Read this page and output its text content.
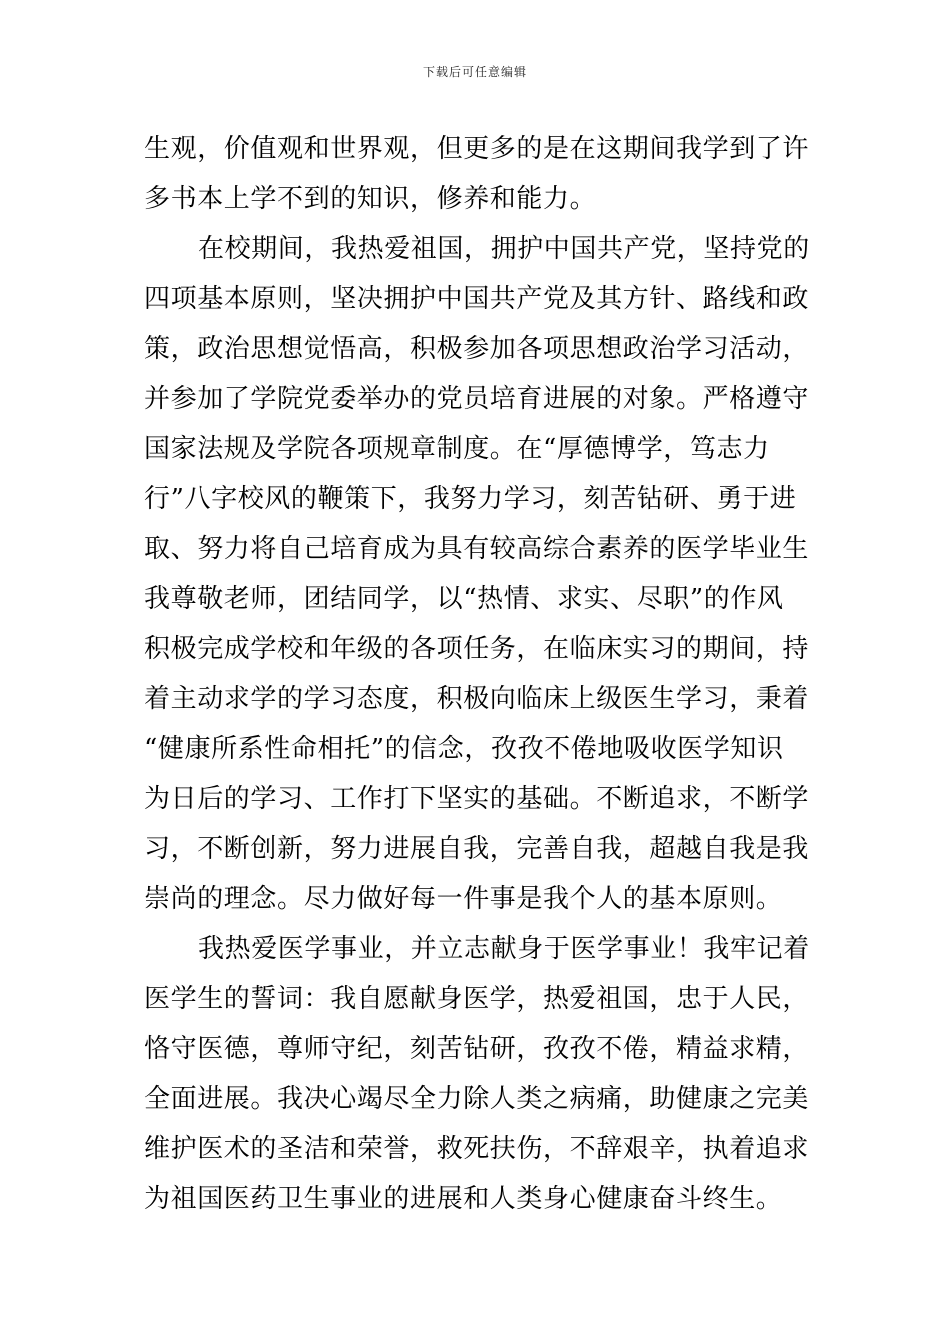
下载后可任意编辑
生观，价值观和世界观，但更多的是在这期间我学到了许
多书本上学不到的知识，修养和能力。
在校期间，我热爱祖国，拥护中国共产党，坚持党的
四项基本原则，坚决拥护中国共产党及其方针、路线和政
策，政治思想觉悟高，积极参加各项思想政治学习活动，
并参加了学院党委举办的党员培育进展的对象。严格遵守
国家法规及学院各项规章制度。在“厚德博学，笃志力
行”八字校风的鞭策下，我努力学习，刻苦钻研、勇于进
取、努力将自己培育成为具有较高综合素养的医学毕业生
我尊敬老师，团结同学，以“热情、求实、尽职”的作风
积极完成学校和年级的各项任务，在临床实习的期间，持
着主动求学的学习态度，积极向临床上级医生学习，秉着
“健康所系性命相托”的信念，孜孜不倦地吸收医学知识
为日后的学习、工作打下坚实的基础。不断追求，不断学
习，不断创新，努力进展自我，完善自我，超越自我是我
崇尚的理念。尽力做好每一件事是我个人的基本原则。
我热爱医学事业，并立志献身于医学事业！我牢记着
医学生的誓词：我自愿献身医学，热爱祖国，忠于人民，
恪守医德，尊师守纪，刻苦钻研，孜孜不倦，精益求精，
全面进展。我决心竭尽全力除人类之病痛，助健康之完美
维护医术的圣洁和荣誉，救死扶伤，不辞艰辛，执着追求
为祖国医药卫生事业的进展和人类身心健康奋斗终生。
